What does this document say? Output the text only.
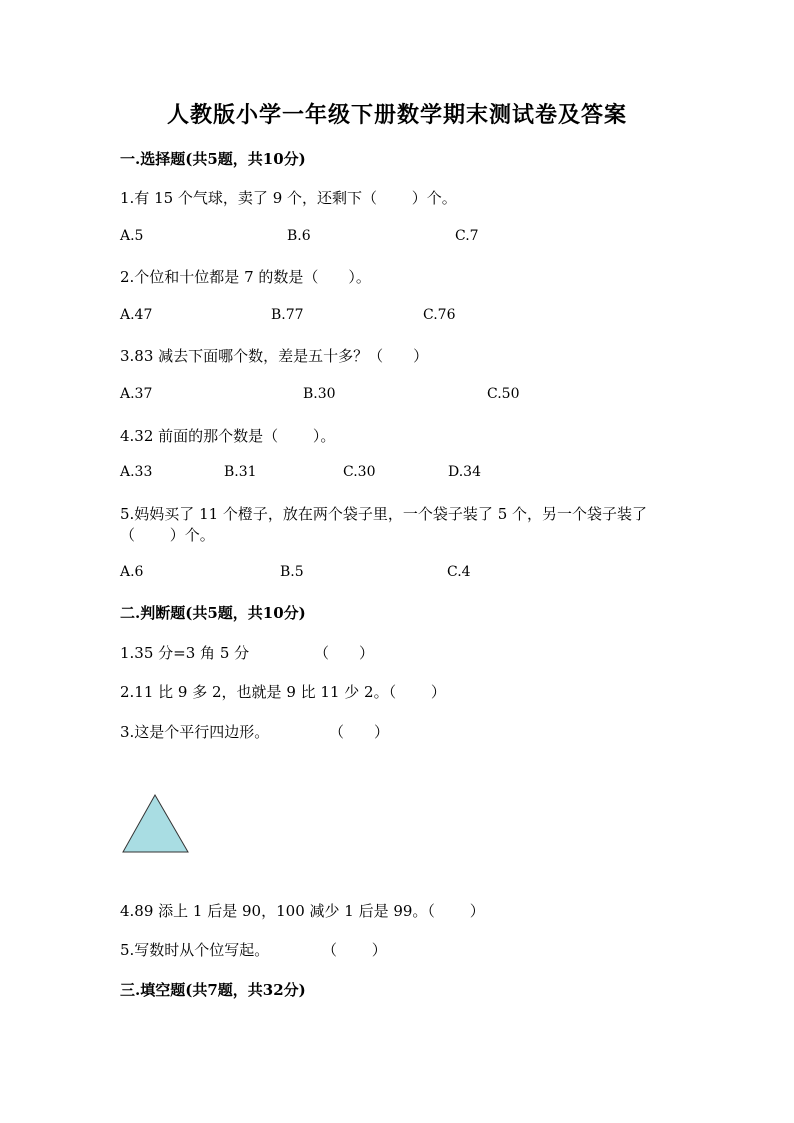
人教版小学一年级下册数学期末测试卷及答案
一.选择题(共5题，共10分)
1.有 15 个气球，卖了 9 个，还剩下（　　 ）个。
A.5	B.6	C.7
2.个位和十位都是 7 的数是（　　）。
A.47	B.77	C.76
3.83 减去下面哪个数，差是五十多？（　　）
A.37	B.30	C.50
4.32 前面的那个数是（　　 ）。
A.33	B.31	C.30	D.34
5.妈妈买了 11 个橙子，放在两个袋子里，一个袋子装了 5 个，另一个袋子装了
（　　 ）个。
A.6	B.5	C.4
二.判断题(共5题，共10分)
1.35 分=3 角 5 分	（　　）
2.11 比 9 多 2，也就是 9 比 11 少 2。（　　 ）
3.这是个平行四边形。	（　　）
4.89 添上 1 后是 90，100 减少 1 后是 99。（　　 ）
5.写数时从个位写起。	（　　 ）
三.填空题(共7题，共32分)
